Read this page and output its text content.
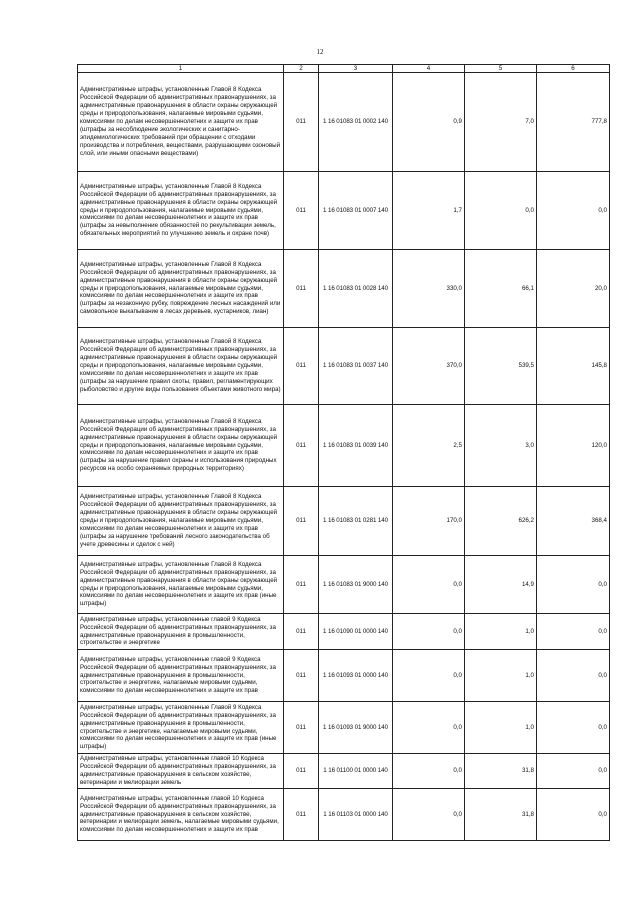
12
1	2	3	4	5	6
Административные штрафы, установленные Главой 8 Кодекса Российской Федерации об административных правонарушениях, за административные правонарушения в области охраны окружающей среды и природопользования, налагаемые мировыми судьями, комиссиями по делам несовершеннолетних и защите их прав (штрафы за несоблюдение экологических и санитарно-эпидемиологических требований при обращении с отходами производства и потребления, веществами, разрушающими озоновый слой, или иными опасными веществами)	011	1 16 01083 01 0002 140	0,9	7,0	777,8
Административные штрафы, установленные Главой 8 Кодекса Российской Федерации об административных правонарушениях, за административные правонарушения в области охраны окружающей среды и природопользования, налагаемые мировыми судьями, комиссиями по делам несовершеннолетних и защите их прав (штрафы за невыполнение обязанностей по рекультивации земель, обязательных мероприятий по улучшению земель и охране почв)	011	1 16 01083 01 0007 140	1,7	0,0	0,0
Административные штрафы, установленные Главой 8 Кодекса Российской Федерации об административных правонарушениях, за административные правонарушения в области охраны окружающей среды и природопользования, налагаемые мировыми судьями, комиссиями по делам несовершеннолетних и защите их прав (штрафы за незаконную рубку, повреждение лесных насаждений или самовольное выкапывание в лесах деревьев, кустарников, лиан)	011	1 16 01083 01 0028 140	330,0	66,1	20,0
Административные штрафы, установленные Главой 8 Кодекса Российской Федерации об административных правонарушениях, за административные правонарушения в области охраны окружающей среды и природопользования, налагаемые мировыми судьями, комиссиями по делам несовершеннолетних и защите их прав (штрафы за нарушение правил охоты, правил, регламентирующих рыболовство и другие виды пользования объектами животного мира)	011	1 16 01083 01 0037 140	370,0	539,5	145,8
Административные штрафы, установленные Главой 8 Кодекса Российской Федерации об административных правонарушениях, за административные правонарушения в области охраны окружающей среды и природопользования, налагаемые мировыми судьями, комиссиями по делам несовершеннолетних и защите их прав (штрафы за нарушение правил охраны и использования природных ресурсов на особо охраняемых природных территориях)	011	1 16 01083 01 0039 140	2,5	3,0	120,0
Административные штрафы, установленные Главой 8 Кодекса Российской Федерации об административных правонарушениях, за административные правонарушения в области охраны окружающей среды и природопользования, налагаемые мировыми судьями, комиссиями по делам несовершеннолетних и защите их прав (штрафы за нарушение требований лесного законодательства об учете древесины и сделок с ней)	011	1 16 01083 01 0281 140	170,0	626,2	368,4
Административные штрафы, установленные Главой 8 Кодекса Российской Федерации об административных правонарушениях, за административные правонарушения в области охраны окружающей среды и природопользования, налагаемые мировыми судьями, комиссиями по делам несовершеннолетних и защите их прав (иные штрафы)	011	1 16 01083 01 9000 140	0,0	14,9	0,0
Административные штрафы, установленные главой 9 Кодекса Российской Федерации об административных правонарушениях, за административные правонарушения в промышленности, строительстве и энергетике	011	1 16 01090 01 0000 140	0,0	1,0	0,0
Административные штрафы, установленные главой 9 Кодекса Российской Федерации об административных правонарушениях, за административные правонарушения в промышленности, строительстве и энергетике, налагаемые мировыми судьями, комиссиями по делам несовершеннолетних и защите их прав	011	1 16 01093 01 0000 140	0,0	1,0	0,0
Административные штрафы, установленные Главой 9 Кодекса Российской Федерации об административных правонарушениях, за административные правонарушения в промышленности, строительстве и энергетике, налагаемые мировыми судьями, комиссиями по делам несовершеннолетних и защите их прав (иные штрафы)	011	1 16 01093 01 9000 140	0,0	1,0	0,0
Административные штрафы, установленные главой 10 Кодекса Российской Федерации об административных правонарушениях, за административные правонарушения в сельском хозяйстве, ветеринарии и мелиорации земель	011	1 16 01100 01 0000 140	0,0	31,8	0,0
Административные штрафы, установленные главой 10 Кодекса Российской Федерации об административных правонарушениях, за административные правонарушения в сельском хозяйстве, ветеринарии и мелиорации земель, налагаемые мировыми судьями, комиссиями по делам несовершеннолетних и защите их прав	011	1 16 01103 01 0000 140	0,0	31,8	0,0
